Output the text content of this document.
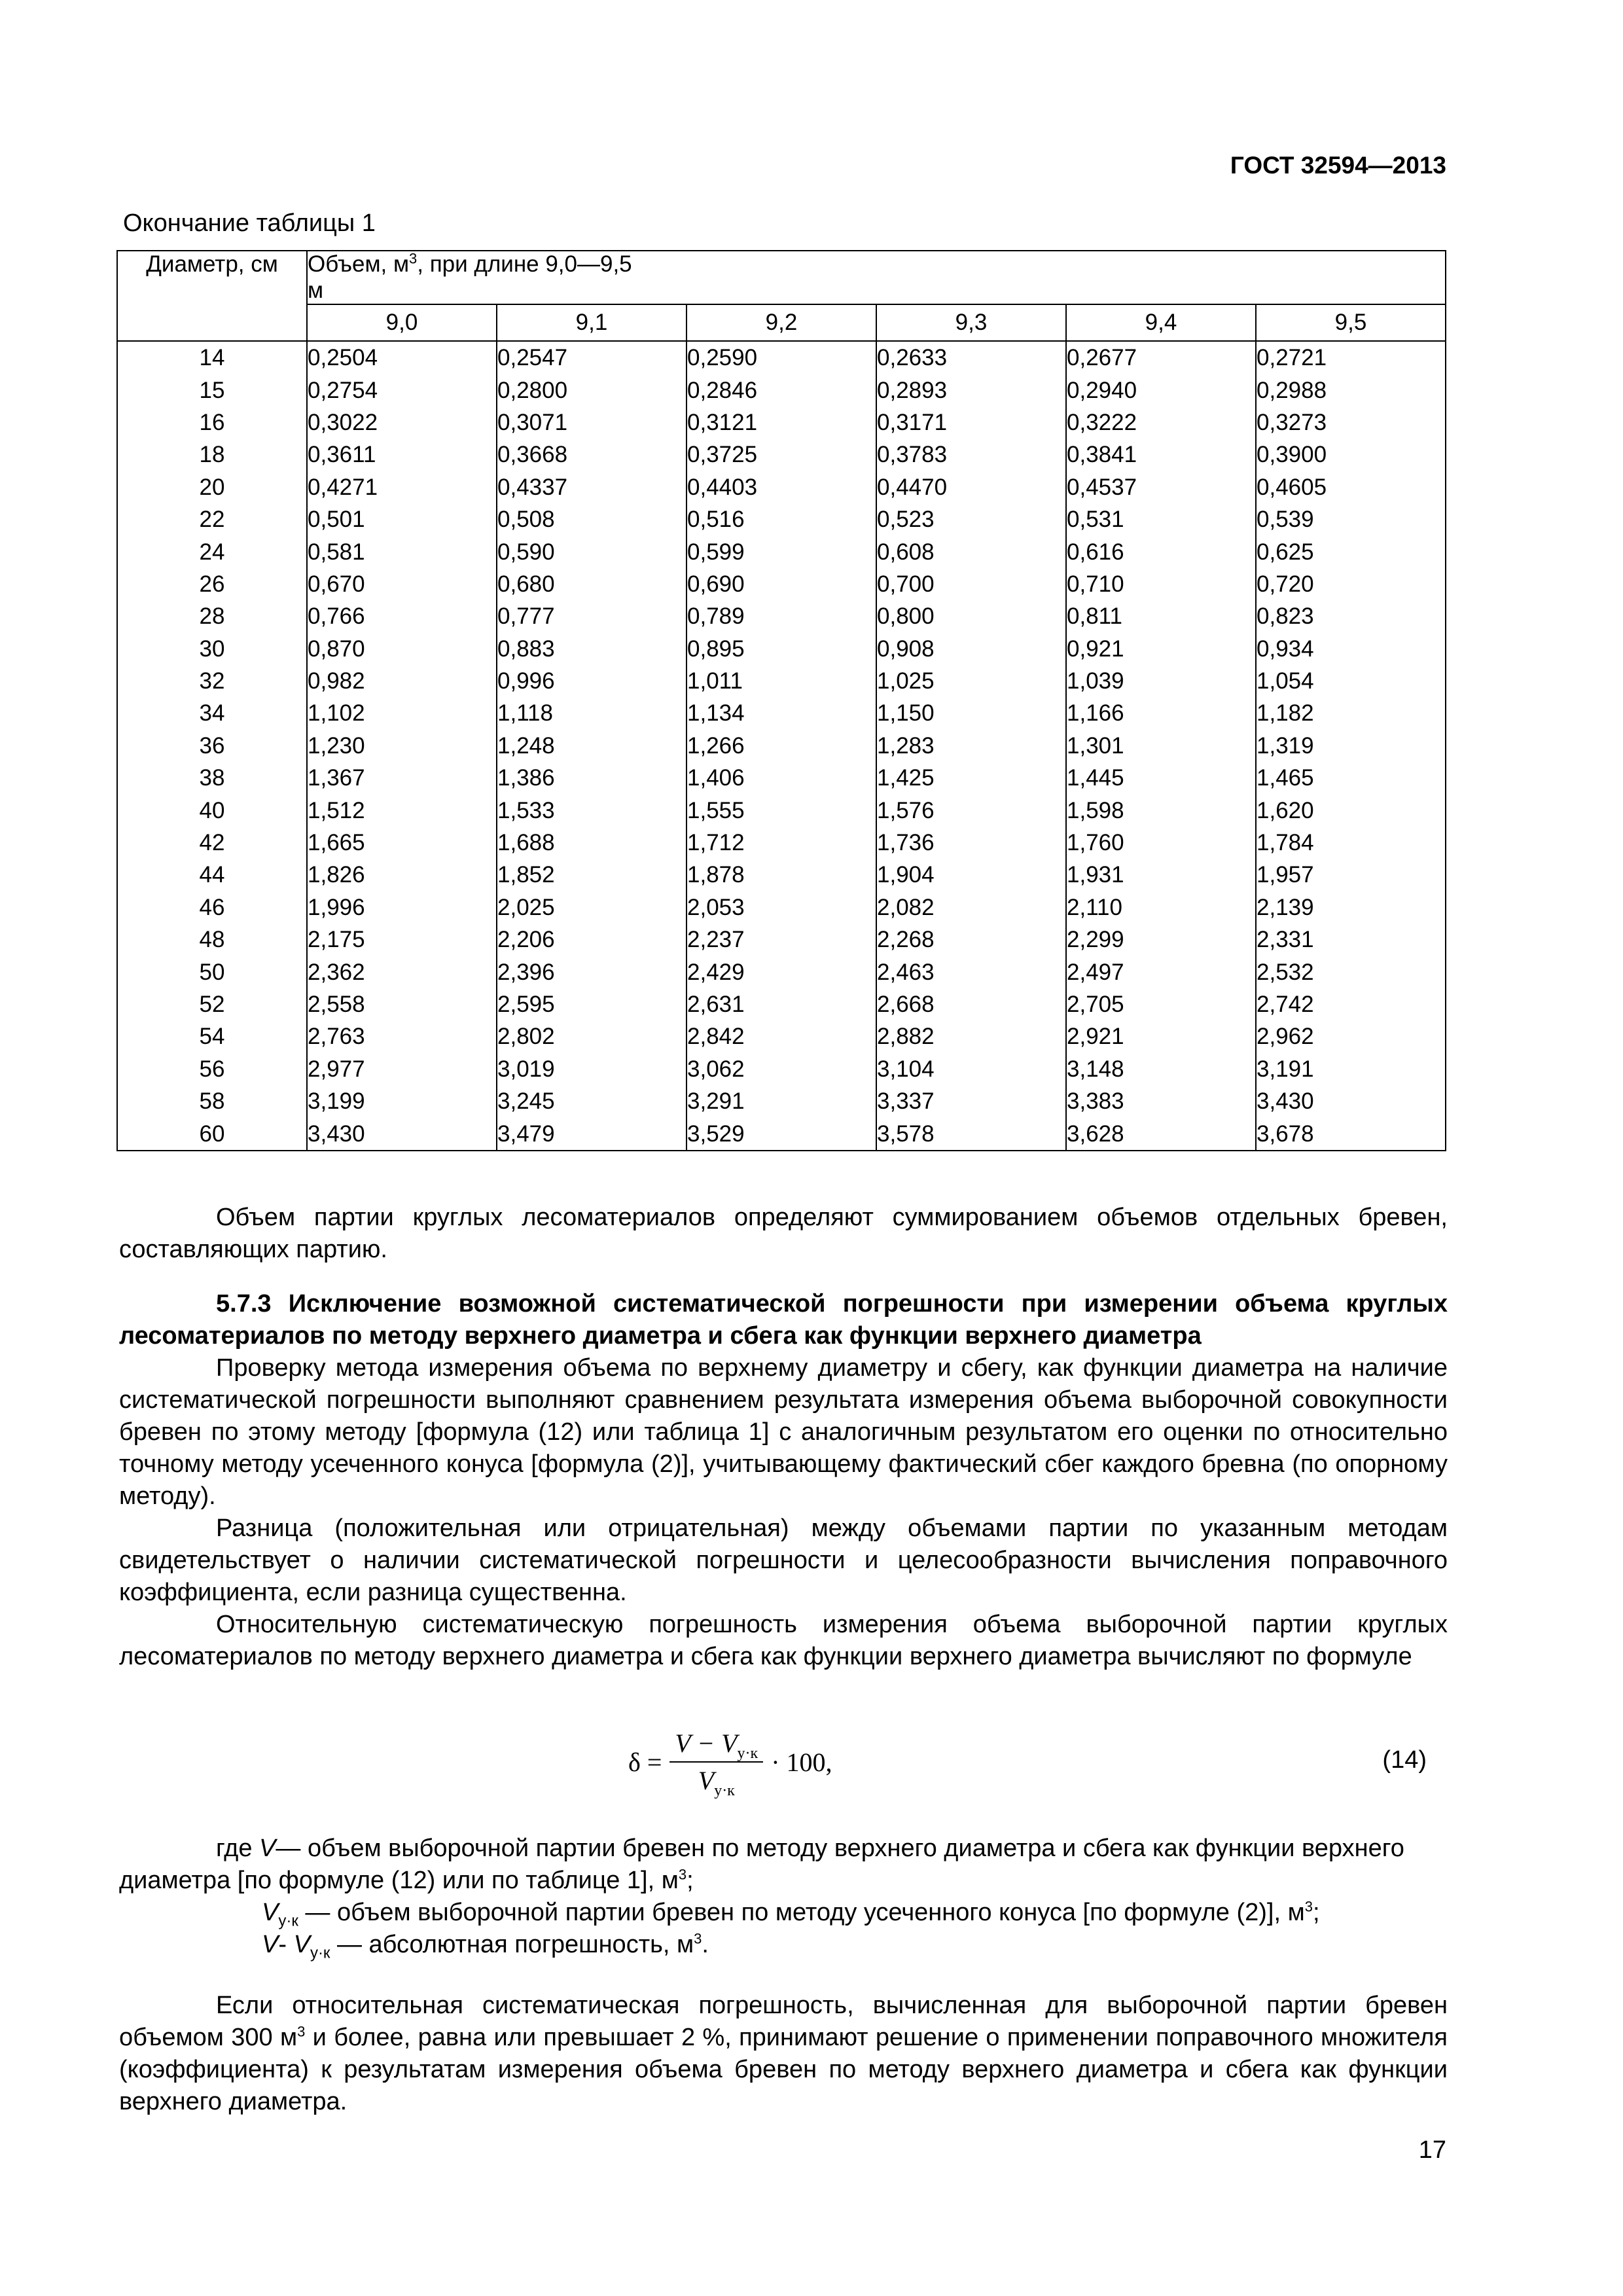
ГОСТ 32594—2013
Окончание таблицы 1
Диаметр, см	Объем, $м^3$, при длине 9,0—9,5
м					
	9,0	9,1	9,2	9,3	9,4	9,5
14	0,2504	0,2547	0,2590	0,2633	0,2677	0,2721
15	0,2754	0,2800	0,2846	0,2893	0,2940	0,2988
16	0,3022	0,3071	0,3121	0,3171	0,3222	0,3273
18	0,3611	0,3668	0,3725	0,3783	0,3841	0,3900
20	0,4271	0,4337	0,4403	0,4470	0,4537	0,4605
22	0,501	0,508	0,516	0,523	0,531	0,539
24	0,581	0,590	0,599	0,608	0,616	0,625
26	0,670	0,680	0,690	0,700	0,710	0,720
28	0,766	0,777	0,789	0,800	0,811	0,823
30	0,870	0,883	0,895	0,908	0,921	0,934
32	0,982	0,996	1,011	1,025	1,039	1,054
34	1,102	1,118	1,134	1,150	1,166	1,182
36	1,230	1,248	1,266	1,283	1,301	1,319
38	1,367	1,386	1,406	1,425	1,445	1,465
40	1,512	1,533	1,555	1,576	1,598	1,620
42	1,665	1,688	1,712	1,736	1,760	1,784
44	1,826	1,852	1,878	1,904	1,931	1,957
46	1,996	2,025	2,053	2,082	2,110	2,139
48	2,175	2,206	2,237	2,268	2,299	2,331
50	2,362	2,396	2,429	2,463	2,497	2,532
52	2,558	2,595	2,631	2,668	2,705	2,742
54	2,763	2,802	2,842	2,882	2,921	2,962
56	2,977	3,019	3,062	3,104	3,148	3,191
58	3,199	3,245	3,291	3,337	3,383	3,430
60	3,430	3,479	3,529	3,578	3,628	3,678

Объем партии круглых лесоматериалов определяют суммированием объемов отдельных бревен, составляющих партию.

5.7.3 Исключение возможной систематической погрешности при измерении объема круглых лесоматериалов по методу верхнего диаметра и сбега как функции верхнего диаметра

Проверку метода измерения объема по верхнему диаметру и сбегу, как функции диаметра на наличие систематической погрешности выполняют сравнением результата измерения объема выборочной совокупности бревен по этому методу [формула (12) или таблица 1] с аналогичным результатом его оценки по относительно точному методу усеченного конуса [формула (2)], учитывающему фактический сбег каждого бревна (по опорному методу).

Разница (положительная или отрицательная) между объемами партии по указанным методам свидетельствует о наличии систематической погрешности и целесообразности вычисления поправочного коэффициента, если разница существенна.

Относительную систематическую погрешность измерения объема выборочной партии круглых лесоматериалов по методу верхнего диаметра и сбега как функции верхнего диаметра вычисляют по формуле

$\delta = \frac{V - V_{у\cdot к}}{V_{у\cdot к}} \cdot 100$,	(14)

где V— объем выборочной партии бревен по методу верхнего диаметра и сбега как функции верхнего диаметра [по формуле (12) или по таблице 1], $м^3$;

$V_{у\cdot к}$ — объем выборочной партии бревен по методу усеченного конуса [по формуле (2)], $м^3$;

V- $V_{у\cdot к}$ — абсолютная погрешность, $м^3$.

Если относительная систематическая погрешность, вычисленная для выборочной партии бревен объемом 300 $м^3$ и более, равна или превышает 2 %, принимают решение о применении поправочного множителя (коэффициента) к результатам измерения объема бревен по методу верхнего диаметра и сбега как функции верхнего диаметра.

17
